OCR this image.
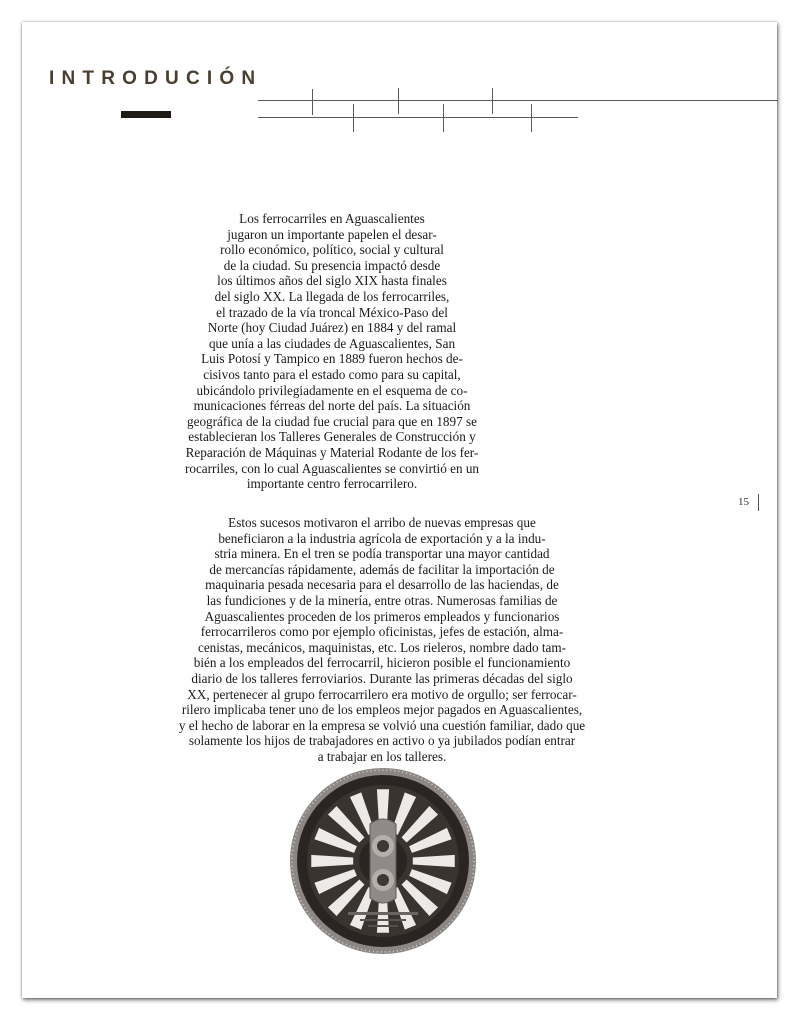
INTRODUCIÓN

Los ferrocarriles en Aguascalientes
jugaron un importante papelen el desar-
rollo económico, político, social y cultural
de la ciudad. Su presencia impactó desde
los últimos años del siglo XIX hasta finales
del siglo XX. La llegada de los ferrocarriles,
el trazado de la vía troncal México-Paso del
Norte (hoy Ciudad Juárez) en 1884 y del ramal
que unía a las ciudades de Aguascalientes, San
Luis Potosí y Tampico en 1889 fueron hechos de-
cisivos tanto para el estado como para su capital,
ubicándolo privilegiadamente en el esquema de co-
municaciones férreas del norte del país. La situación
geográfica de la ciudad fue crucial para que en 1897 se
establecieran los Talleres Generales de Construcción y
Reparación de Máquinas y Material Rodante de los fer-
rocarriles, con lo cual Aguascalientes se convirtió en un
importante centro ferrocarrilero.

Estos sucesos motivaron el arribo de nuevas empresas que
beneficiaron a la industria agrícola de exportación y a la indu-
stria minera. En el tren se podía transportar una mayor cantidad
de mercancías rápidamente, además de facilitar la importación de
maquinaria pesada necesaria para el desarrollo de las haciendas, de
las fundiciones y de la minería, entre otras. Numerosas familias de
Aguascalientes proceden de los primeros empleados y funcionarios
ferrocarrileros como por ejemplo oficinistas, jefes de estación, alma-
cenistas, mecánicos, maquinistas, etc. Los rieleros, nombre dado tam-
bién a los empleados del ferrocarril, hicieron posible el funcionamiento
diario de los talleres ferroviarios. Durante las primeras décadas del siglo
XX, pertenecer al grupo ferrocarrilero era motivo de orgullo; ser ferrocar-
rilero implicaba tener uno de los empleos mejor pagados en Aguascalientes,
y el hecho de laborar en la empresa se volvió una cuestión familiar, dado que
solamente los hijos de trabajadores en activo o ya jubilados podían entrar
a trabajar en los talleres.

15
